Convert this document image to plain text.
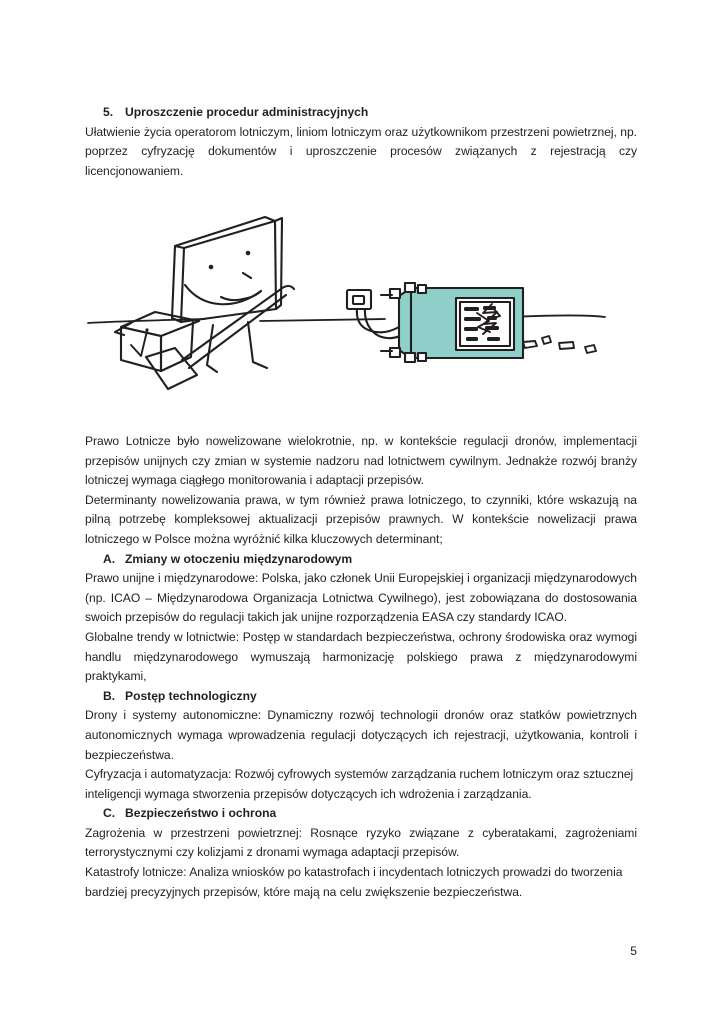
5. Uproszczenie procedur administracyjnych

Ułatwienie życia operatorom lotniczym, liniom lotniczym oraz użytkownikom przestrzeni powietrznej, np. poprzez cyfryzację dokumentów i uproszczenie procesów związanych z rejestracją czy licencjonowaniem.

Prawo Lotnicze było nowelizowane wielokrotnie, np. w kontekście regulacji dronów, implementacji przepisów unijnych czy zmian w systemie nadzoru nad lotnictwem cywilnym. Jednakże rozwój branży lotniczej wymaga ciągłego monitorowania i adaptacji przepisów.

Determinanty nowelizowania prawa, w tym również prawa lotniczego, to czynniki, które wskazują na pilną potrzebę kompleksowej aktualizacji przepisów prawnych. W kontekście nowelizacji prawa lotniczego w Polsce można wyróżnić kilka kluczowych determinant;

A. Zmiany w otoczeniu międzynarodowym

Prawo unijne i międzynarodowe: Polska, jako członek Unii Europejskiej i organizacji międzynarodowych (np. ICAO – Międzynarodowa Organizacja Lotnictwa Cywilnego), jest zobowiązana do dostosowania swoich przepisów do regulacji takich jak unijne rozporządzenia EASA czy standardy ICAO.

Globalne trendy w lotnictwie: Postęp w standardach bezpieczeństwa, ochrony środowiska oraz wymogi handlu międzynarodowego wymuszają harmonizację polskiego prawa z międzynarodowymi praktykami,

B. Postęp technologiczny

Drony i systemy autonomiczne: Dynamiczny rozwój technologii dronów oraz statków powietrznych autonomicznych wymaga wprowadzenia regulacji dotyczących ich rejestracji, użytkowania, kontroli i bezpieczeństwa.

Cyfryzacja i automatyzacja: Rozwój cyfrowych systemów zarządzania ruchem lotniczym oraz sztucznej inteligencji wymaga stworzenia przepisów dotyczących ich wdrożenia i zarządzania.

C. Bezpieczeństwo i ochrona

Zagrożenia w przestrzeni powietrznej: Rosnące ryzyko związane z cyberatakami, zagrożeniami terrorystycznymi czy kolizjami z dronami wymaga adaptacji przepisów.

Katastrofy lotnicze: Analiza wniosków po katastrofach i incydentach lotniczych prowadzi do tworzenia bardziej precyzyjnych przepisów, które mają na celu zwiększenie bezpieczeństwa.

5
